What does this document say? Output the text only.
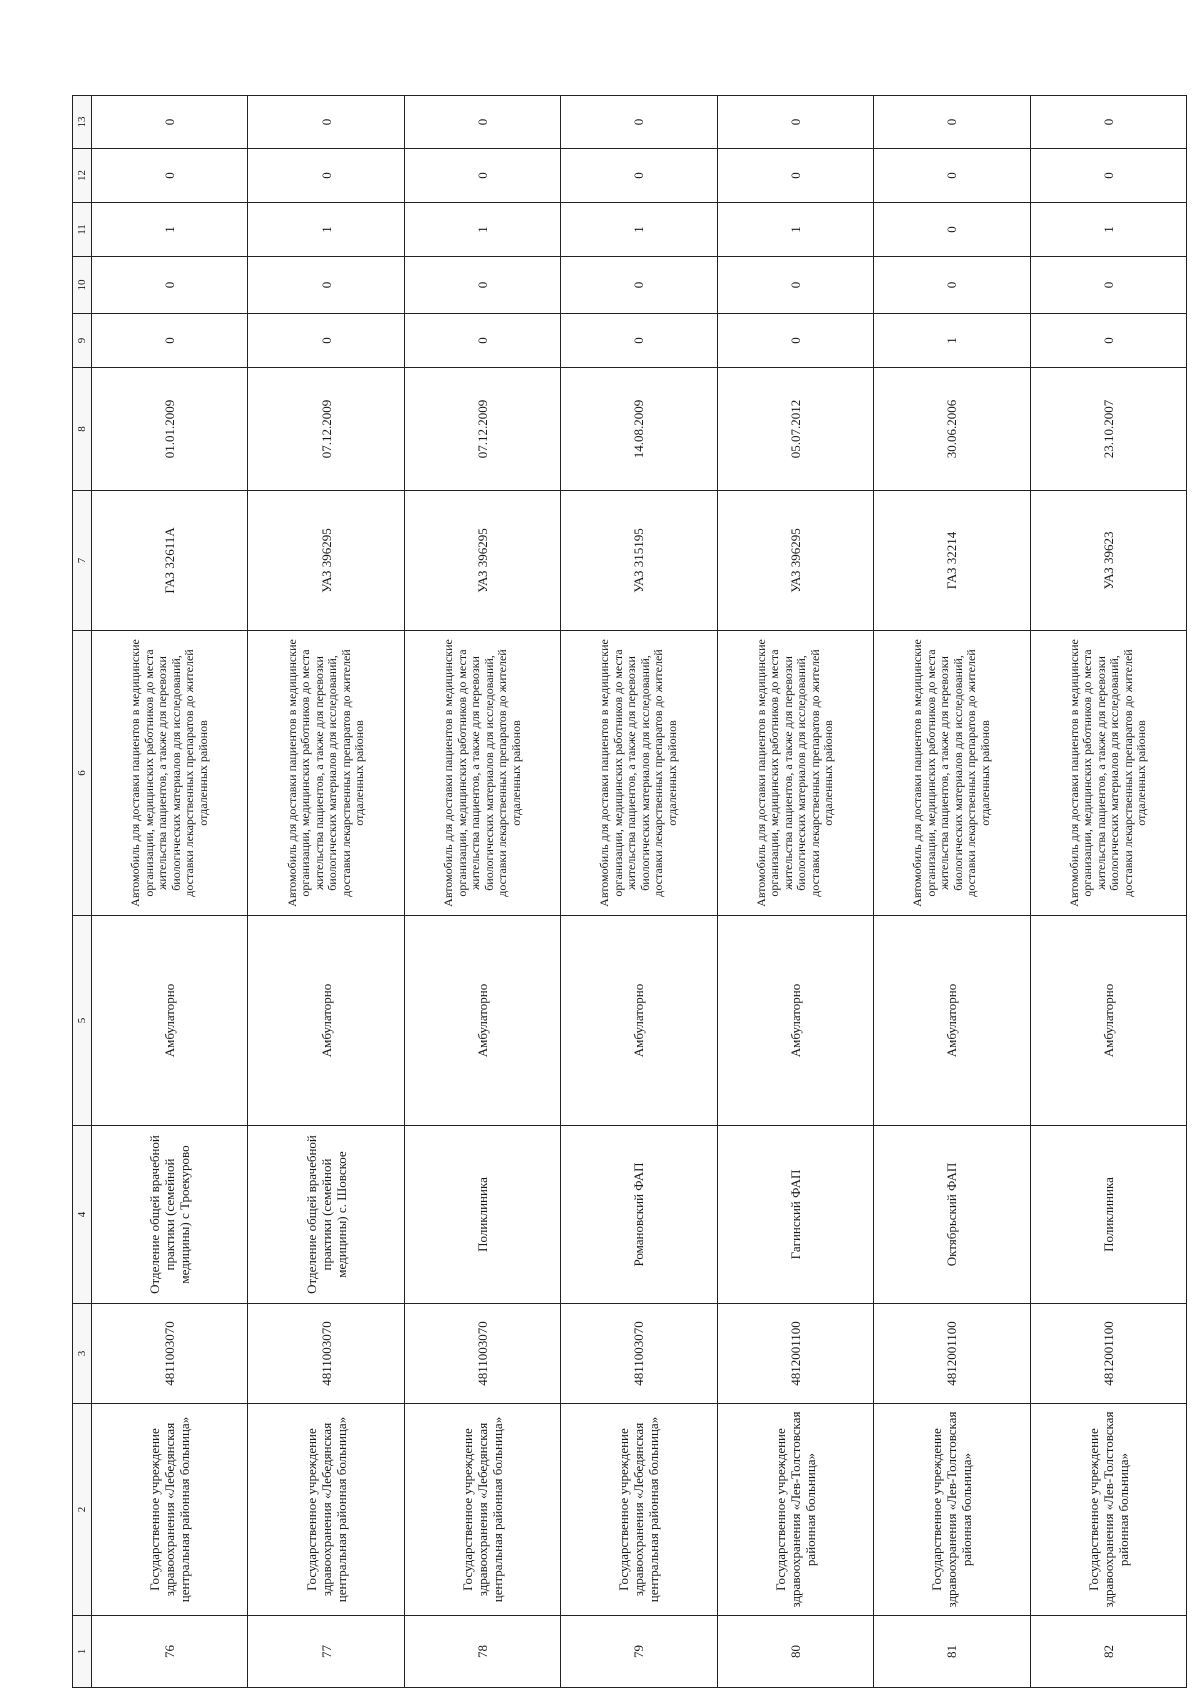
1	2	3	4	5	6	7	8	9	10	11	12	13
76	Государственное учреждение здравоохранения «Лебедянская центральная районная больница»	4811003070	Отделение общей врачебной практики (семейной медицины) с Троекурово	Амбулаторно	Автомобиль для доставки пациентов в медицинские организации, медицинских работников до места жительства пациентов, а также для перевозки биологических материалов для исследований, доставки лекарственных препаратов до жителей отдаленных районов	ГАЗ 32611А	01.01.2009	0	0	1	0	0
77	Государственное учреждение здравоохранения «Лебедянская центральная районная больница»	4811003070	Отделение общей врачебной практики (семейной медицины) с. Шовское	Амбулаторно	Автомобиль для доставки пациентов в медицинские организации, медицинских работников до места жительства пациентов, а также для перевозки биологических материалов для исследований, доставки лекарственных препаратов до жителей отдаленных районов	УАЗ 396295	07.12.2009	0	0	1	0	0
78	Государственное учреждение здравоохранения «Лебедянская центральная районная больница»	4811003070	Поликлиника	Амбулаторно	Автомобиль для доставки пациентов в медицинские организации, медицинских работников до места жительства пациентов, а также для перевозки биологических материалов для исследований, доставки лекарственных препаратов до жителей отдаленных районов	УАЗ 396295	07.12.2009	0	0	1	0	0
79	Государственное учреждение здравоохранения «Лебедянская центральная районная больница»	4811003070	Романовский ФАП	Амбулаторно	Автомобиль для доставки пациентов в медицинские организации, медицинских работников до места жительства пациентов, а также для перевозки биологических материалов для исследований, доставки лекарственных препаратов до жителей отдаленных районов	УАЗ 315195	14.08.2009	0	0	1	0	0
80	Государственное учреждение здравоохранения «Лев-Толстовская районная больница»	4812001100	Гагинский ФАП	Амбулаторно	Автомобиль для доставки пациентов в медицинские организации, медицинских работников до места жительства пациентов, а также для перевозки биологических материалов для исследований, доставки лекарственных препаратов до жителей отдаленных районов	УАЗ 396295	05.07.2012	0	0	1	0	0
81	Государственное учреждение здравоохранения «Лев-Толстовская районная больница»	4812001100	Октябрьский ФАП	Амбулаторно	Автомобиль для доставки пациентов в медицинские организации, медицинских работников до места жительства пациентов, а также для перевозки биологических материалов для исследований, доставки лекарственных препаратов до жителей отдаленных районов	ГАЗ 32214	30.06.2006	1	0	0	0	0
82	Государственное учреждение здравоохранения «Лев-Толстовская районная больница»	4812001100	Поликлиника	Амбулаторно	Автомобиль для доставки пациентов в медицинские организации, медицинских работников до места жительства пациентов, а также для перевозки биологических материалов для исследований, доставки лекарственных препаратов до жителей отдаленных районов	УАЗ 39623	23.10.2007	0	0	1	0	0
